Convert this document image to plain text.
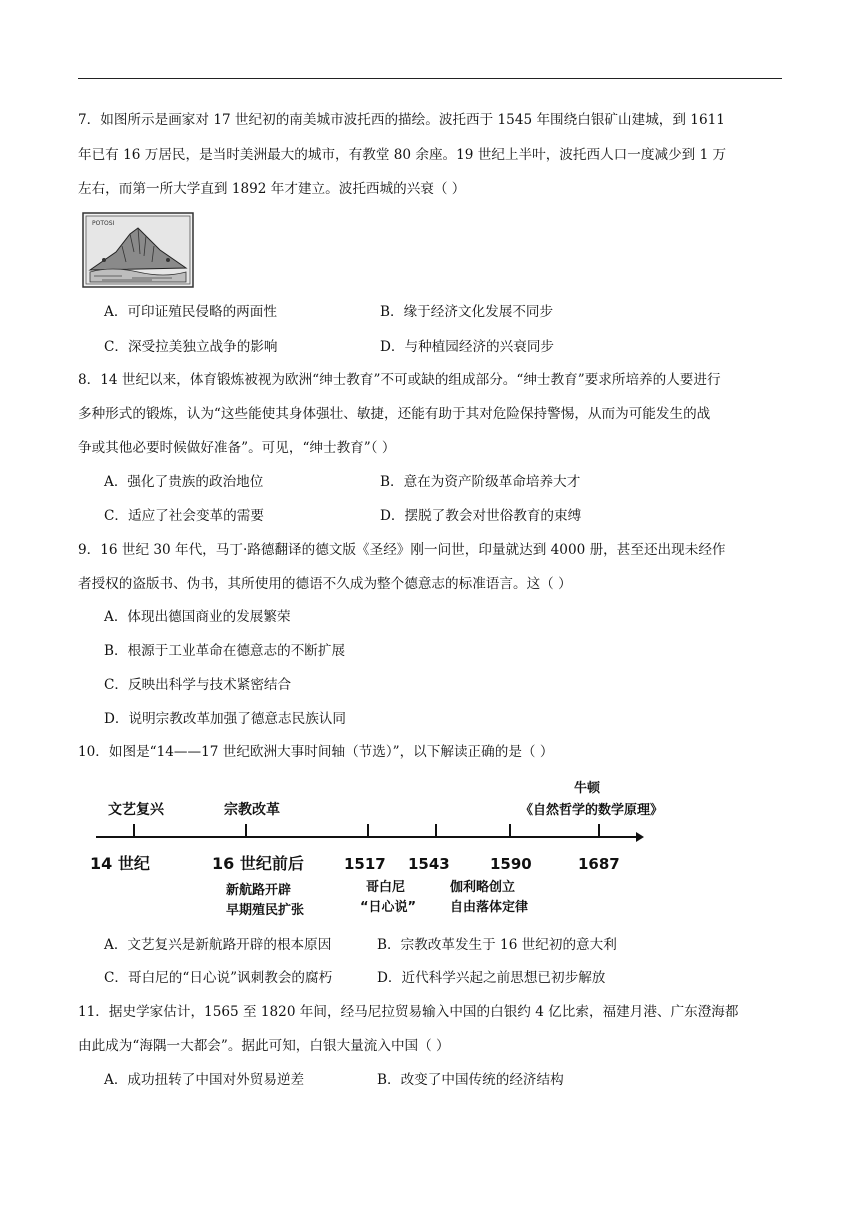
7．如图所示是画家对 17 世纪初的南美城市波托西的描绘。波托西于 1545 年围绕白银矿山建城，到 1611
年已有 16 万居民，是当时美洲最大的城市，有教堂 80 余座。19 世纪上半叶，波托西人口一度减少到 1 万
左右，而第一所大学直到 1892 年才建立。波托西城的兴衰（ ）
POTOSI
A．可印证殖民侵略的两面性	B．缘于经济文化发展不同步
C．深受拉美独立战争的影响	D．与种植园经济的兴衰同步
8．14 世纪以来，体育锻炼被视为欧洲“绅士教育”不可或缺的组成部分。“绅士教育”要求所培养的人要进行
多种形式的锻炼，认为“这些能使其身体强壮、敏捷，还能有助于其对危险保持警惕，从而为可能发生的战
争或其他必要时候做好准备”。可见，“绅士教育”（ ）
A．强化了贵族的政治地位	B．意在为资产阶级革命培养大才
C．适应了社会变革的需要	D．摆脱了教会对世俗教育的束缚
9．16 世纪 30 年代，马丁·路德翻译的德文版《圣经》刚一问世，印量就达到 4000 册，甚至还出现未经作
者授权的盗版书、伪书，其所使用的德语不久成为整个德意志的标准语言。这（ ）
A．体现出德国商业的发展繁荣
B．根源于工业革命在德意志的不断扩展
C．反映出科学与技术紧密结合
D．说明宗教改革加强了德意志民族认同
10．如图是“14——17 世纪欧洲大事时间轴（节选）”，以下解读正确的是（ ）
14 世纪	16 世纪前后	1517 1543	1590	1687
文艺复兴	宗教改革
牛顿
《自然哲学的数学原理》
新航路开辟
早期殖民扩张
哥白尼
“日心说”
伽利略创立
自由落体定律
A．文艺复兴是新航路开辟的根本原因	B．宗教改革发生于 16 世纪初的意大利
C．哥白尼的“日心说”讽刺教会的腐朽	D．近代科学兴起之前思想已初步解放
11．据史学家估计，1565 至 1820 年间，经马尼拉贸易输入中国的白银约 4 亿比索，福建月港、广东澄海都
由此成为“海隅一大都会”。据此可知，白银大量流入中国（ ）
A．成功扭转了中国对外贸易逆差	B．改变了中国传统的经济结构
